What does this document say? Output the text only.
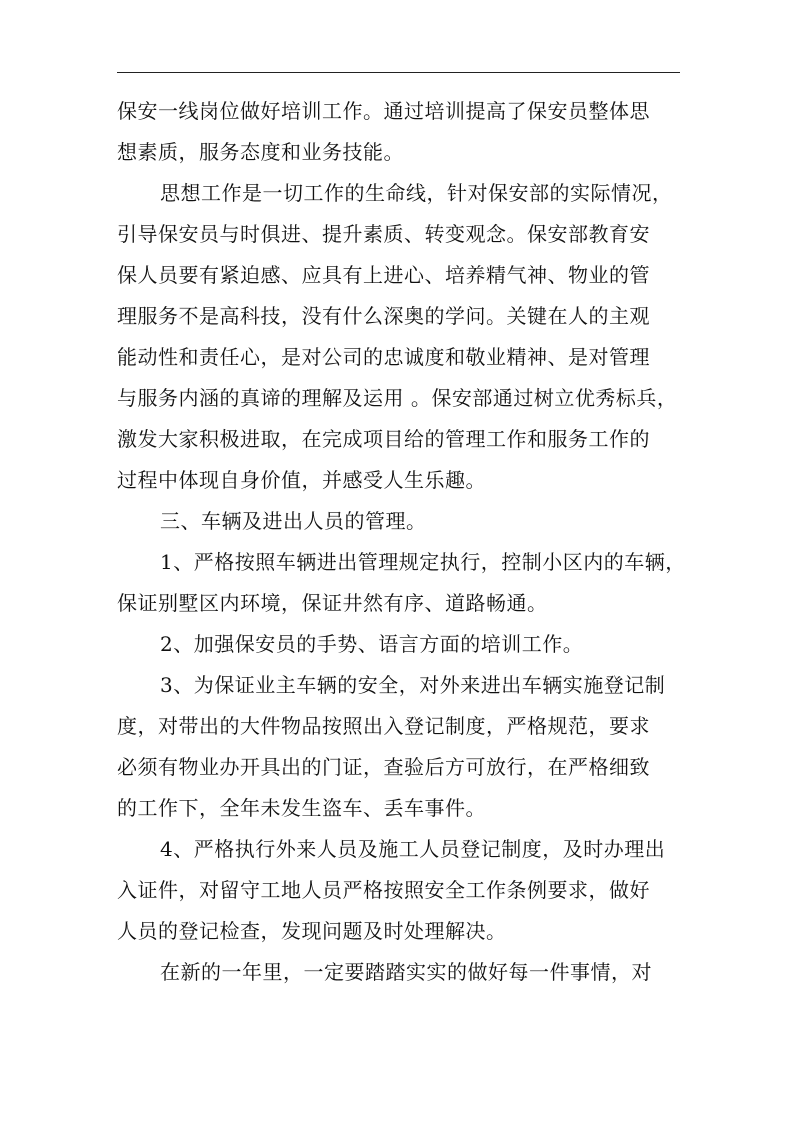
保安一线岗位做好培训工作。通过培训提高了保安员整体思
想素质，服务态度和业务技能。
思想工作是一切工作的生命线，针对保安部的实际情况，
引导保安员与时俱进、提升素质、转变观念。保安部教育安
保人员要有紧迫感、应具有上进心、培养精气神、物业的管
理服务不是高科技，没有什么深奥的学问。关键在人的主观
能动性和责任心，是对公司的忠诚度和敬业精神、是对管理
与服务内涵的真谛的理解及运用 。保安部通过树立优秀标兵，
激发大家积极进取，在完成项目给的管理工作和服务工作的
过程中体现自身价值，并感受人生乐趣。
三、车辆及进出人员的管理。
1、严格按照车辆进出管理规定执行，控制小区内的车辆，
保证别墅区内环境，保证井然有序、道路畅通。
2、加强保安员的手势、语言方面的培训工作。
3、为保证业主车辆的安全，对外来进出车辆实施登记制
度，对带出的大件物品按照出入登记制度，严格规范，要求
必须有物业办开具出的门证，查验后方可放行，在严格细致
的工作下，全年未发生盗车、丢车事件。
4、严格执行外来人员及施工人员登记制度，及时办理出
入证件，对留守工地人员严格按照安全工作条例要求，做好
人员的登记检查，发现问题及时处理解决。
在新的一年里，一定要踏踏实实的做好每一件事情，对
